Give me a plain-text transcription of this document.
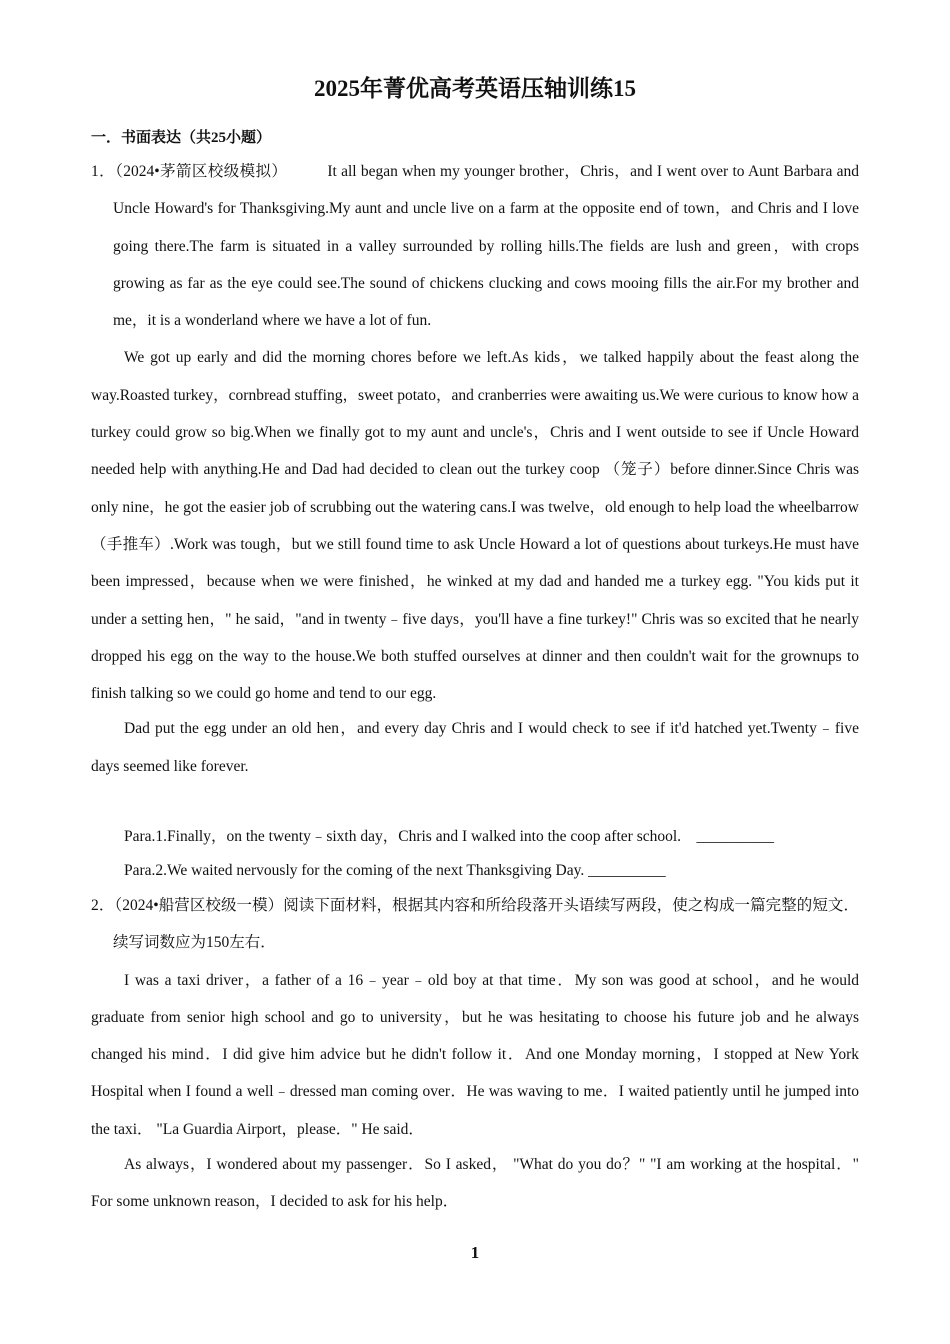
2025年菁优高考英语压轴训练15
一．书面表达（共25小题）

1．（2024•茅箭区校级模拟）	It all began when my younger brother，Chris，and I went over to Aunt Barbara and Uncle Howard's for Thanksgiving.My aunt and uncle live on a farm at the opposite end of town，and Chris and I love going there.The farm is situated in a valley surrounded by rolling hills.The fields are lush and green，with crops growing as far as the eye could see.The sound of chickens clucking and cows mooing fills the air.For my brother and me，it is a wonderland where we have a lot of fun.

We got up early and did the morning chores before we left.As kids，we talked happily about the feast along the way.Roasted turkey，cornbread stuffing，sweet potato，and cranberries were awaiting us.We were curious to know how a turkey could grow so big.When we finally got to my aunt and uncle's，Chris and I went outside to see if Uncle Howard needed help with anything.He and Dad had decided to clean out the turkey coop （笼子）before dinner.Since Chris was only nine，he got the easier job of scrubbing out the watering cans.I was twelve，old enough to help load the wheelbarrow （手推车）.Work was tough，but we still found time to ask Uncle Howard a lot of questions about turkeys.He must have been impressed，because when we were finished，he winked at my dad and handed me a turkey egg. "You kids put it under a setting hen，" he said，"and in twenty﹣five days，you'll have a fine turkey!" Chris was so excited that he nearly dropped his egg on the way to the house.We both stuffed ourselves at dinner and then couldn't wait for the grownups to finish talking so we could go home and tend to our egg.

Dad put the egg under an old hen，and every day Chris and I would check to see if it'd hatched yet.Twenty﹣five days seemed like forever.

Para.1.Finally，on the twenty﹣sixth day，Chris and I walked into the coop after school.　__________
Para.2.We waited nervously for the coming of the next Thanksgiving Day. __________

2．（2024•船营区校级一模）阅读下面材料，根据其内容和所给段落开头语续写两段，使之构成一篇完整的短文．续写词数应为150左右．

I was a taxi driver，a father of a 16﹣year﹣old boy at that time．My son was good at school，and he would graduate from senior high school and go to university，but he was hesitating to choose his future job and he always changed his mind．I did give him advice but he didn't follow it．And one Monday morning，I stopped at New York Hospital when I found a well﹣dressed man coming over．He was waving to me．I waited patiently until he jumped into the taxi． "La Guardia Airport，please．" He said．

As always，I wondered about my passenger．So I asked， "What do you do？" "I am working at the hospital．" For some unknown reason，I decided to ask for his help．

1
